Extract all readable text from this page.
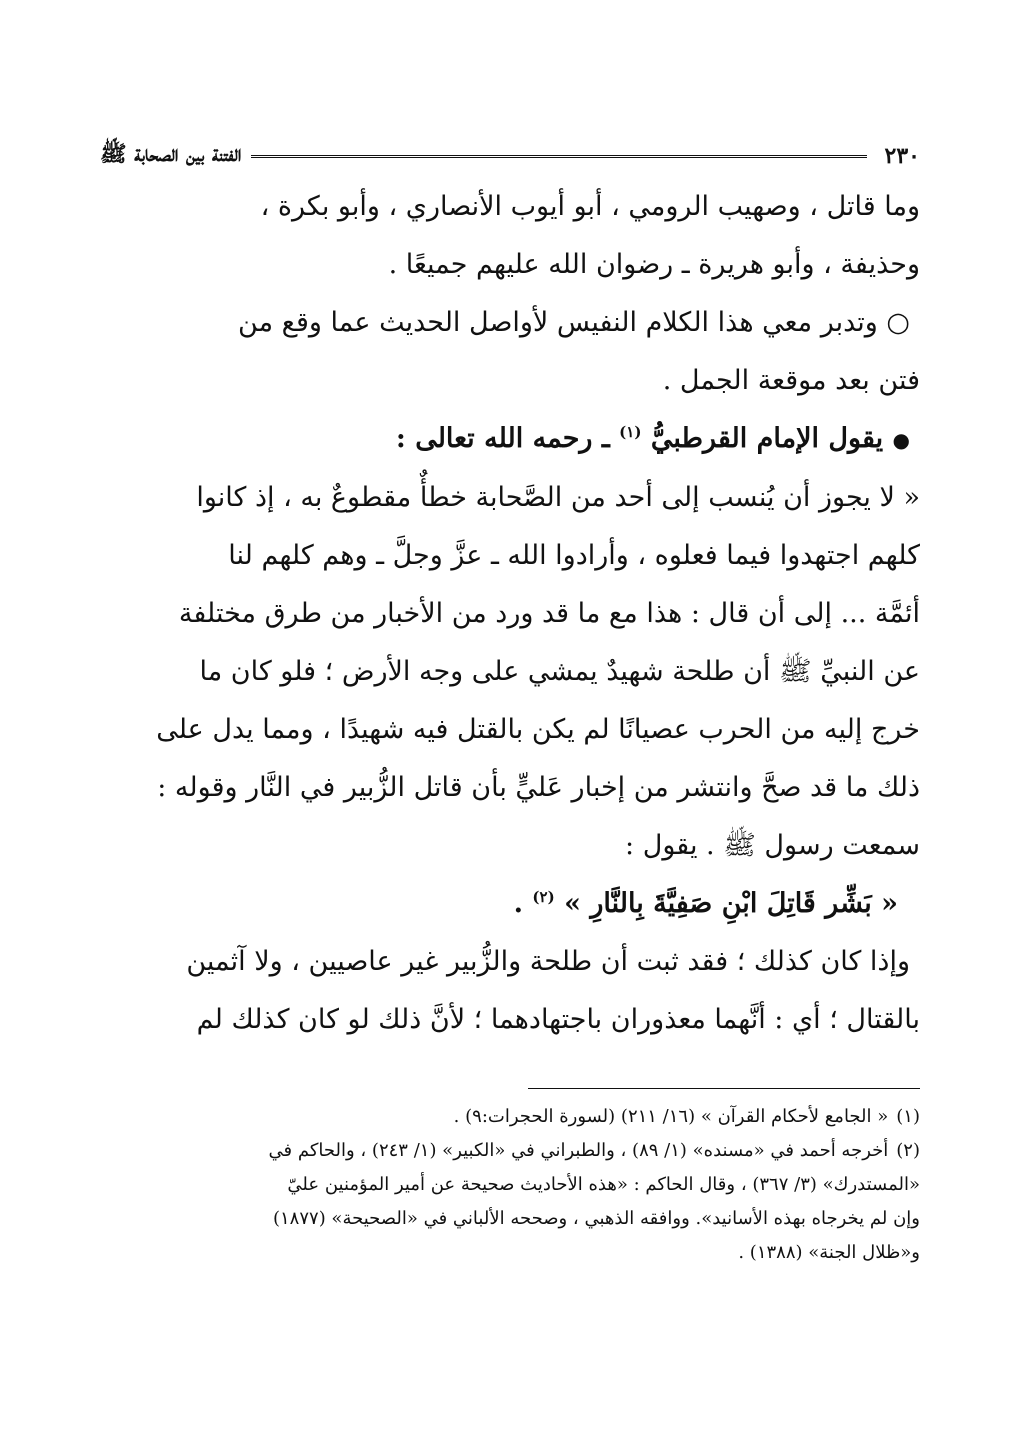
٢٣٠
الفتنة بين الصحابة ﷺ

وما قاتل ، وصهيب الرومي ، أبو أيوب الأنصاري ، وأبو بكرة ،

وحذيفة ، وأبو هريرة ـ رضوان الله عليهم جميعًا .

○ وتدبر معي هذا الكلام النفيس لأواصل الحديث عما وقع من

فتن بعد موقعة الجمل .

● يقول الإمام القرطبيُّ $^{(١)}$ ـ رحمه الله تعالى :

« لا يجوز أن يُنسب إلى أحد من الصَّحابة خطأٌ مقطوعٌ به ، إذ كانوا

كلهم اجتهدوا فيما فعلوه ، وأرادوا الله ـ عزَّ وجلَّ ـ وهم كلهم لنا

أئمَّة ... إلى أن قال : هذا مع ما قد ورد من الأخبار من طرق مختلفة

عن النبيِّ ﷺ أن طلحة شهيدٌ يمشي على وجه الأرض ؛ فلو كان ما

خرج إليه من الحرب عصيانًا لم يكن بالقتل فيه شهيدًا ، ومما يدل على

ذلك ما قد صحَّ وانتشر من إخبار عَليٍّ بأن قاتل الزُّبير في النَّار وقوله :

سمعت رسول ﷺ . يقول :

« بَشِّر قَاتِلَ ابْنِ صَفِيَّةَ بِالنَّارِ » $^{(٢)}$ .

وإذا كان كذلك ؛ فقد ثبت أن طلحة والزُّبير غير عاصيين ، ولا آثمين

بالقتال ؛ أي : أنَّهما معذوران باجتهادهما ؛ لأنَّ ذلك لو كان كذلك لم

(١)« الجامع لأحكام القرآن » (١٦/ ٢١١) (لسورة الحجرات:٩) .

(٢)أخرجه أحمد في «مسنده» (١/ ٨٩) ، والطبراني في «الكبير» (١/ ٢٤٣) ، والحاكم في

«المستدرك» (٣/ ٣٦٧) ، وقال الحاكم : «هذه الأحاديث صحيحة عن أمير المؤمنين عليّ

وإن لم يخرجاه بهذه الأسانيد». ووافقه الذهبي ، وصححه الألباني في «الصحيحة» (١٨٧٧)

و«ظلال الجنة» (١٣٨٨) .
